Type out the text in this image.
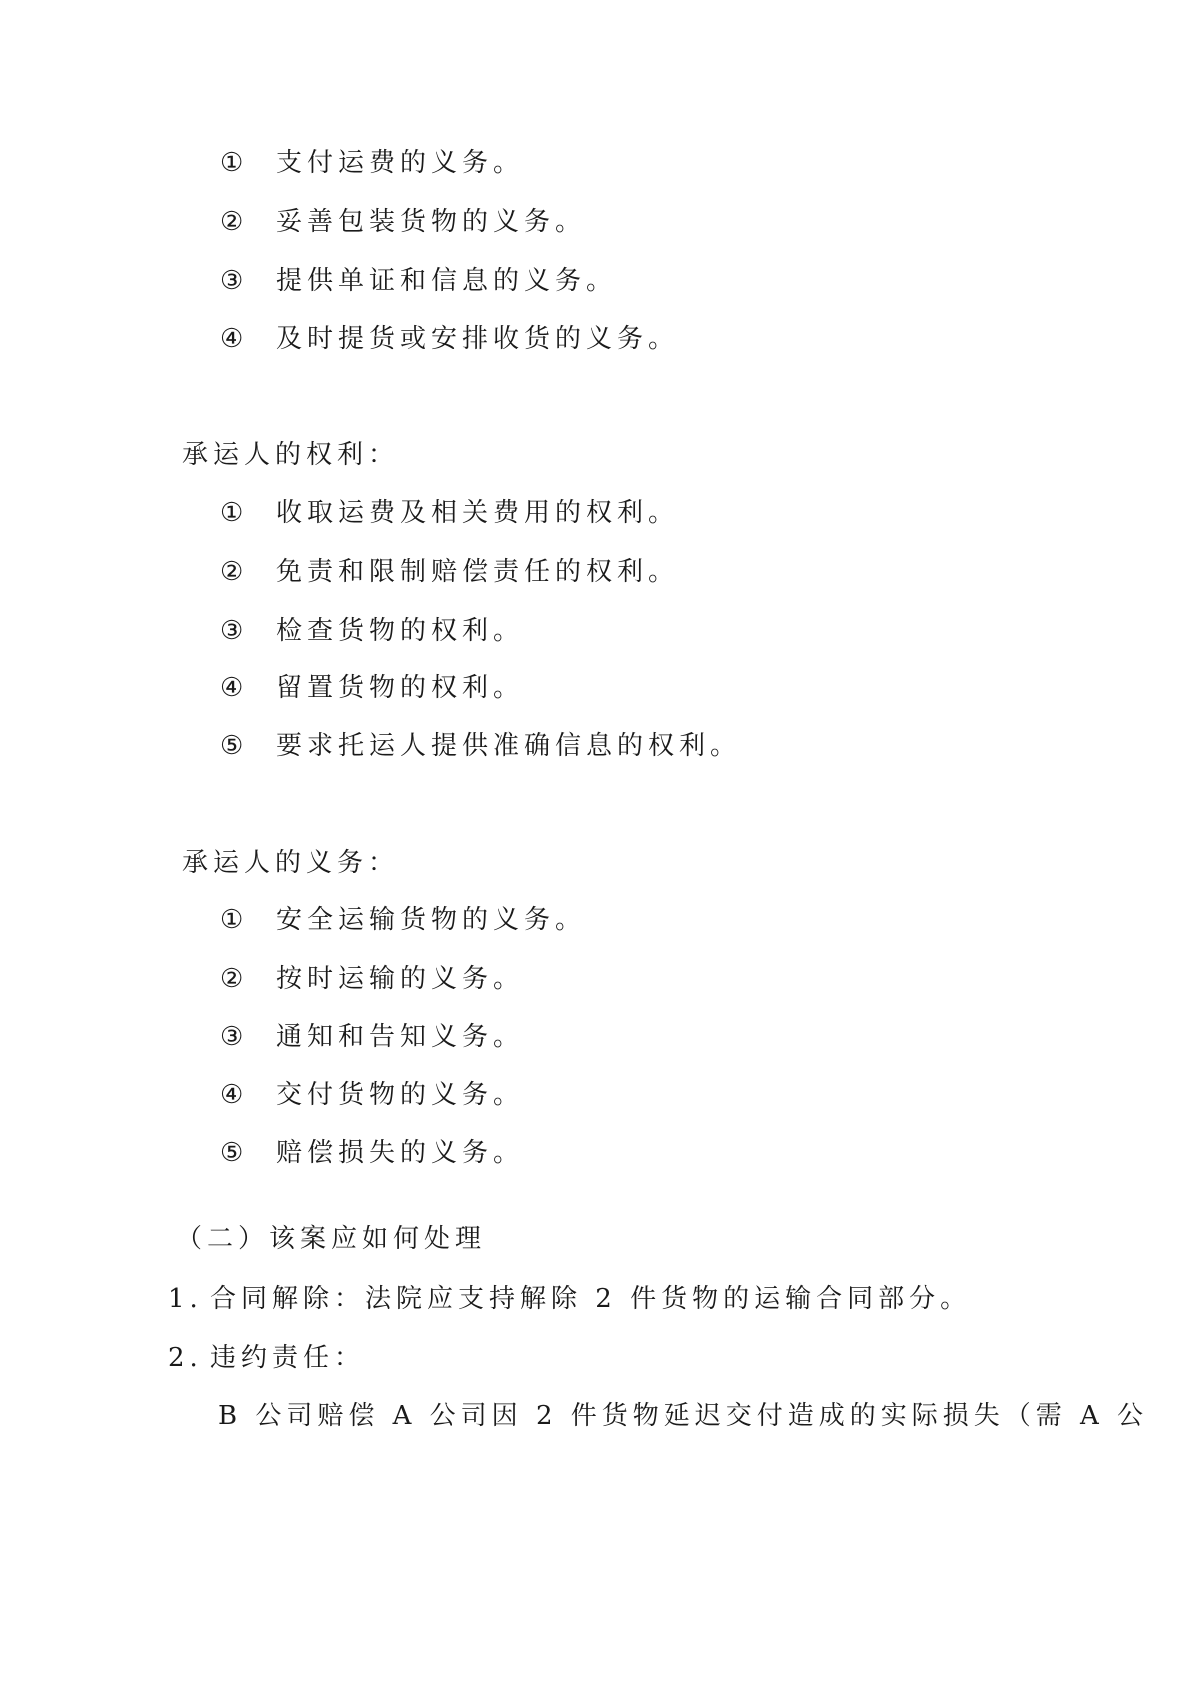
① 支付运费的义务。
② 妥善包装货物的义务。
③ 提供单证和信息的义务。
④ 及时提货或安排收货的义务。
承运人的权利：
① 收取运费及相关费用的权利。
② 免责和限制赔偿责任的权利。
③ 检查货物的权利。
④ 留置货物的权利。
⑤ 要求托运人提供准确信息的权利。
承运人的义务：
① 安全运输货物的义务。
② 按时运输的义务。
③ 通知和告知义务。
④ 交付货物的义务。
⑤ 赔偿损失的义务。
（二）该案应如何处理
1. 合同解除：法院应支持解除 2 件货物的运输合同部分。
2. 违约责任：
B 公司赔偿 A 公司因 2 件货物延迟交付造成的实际损失（需 A 公
